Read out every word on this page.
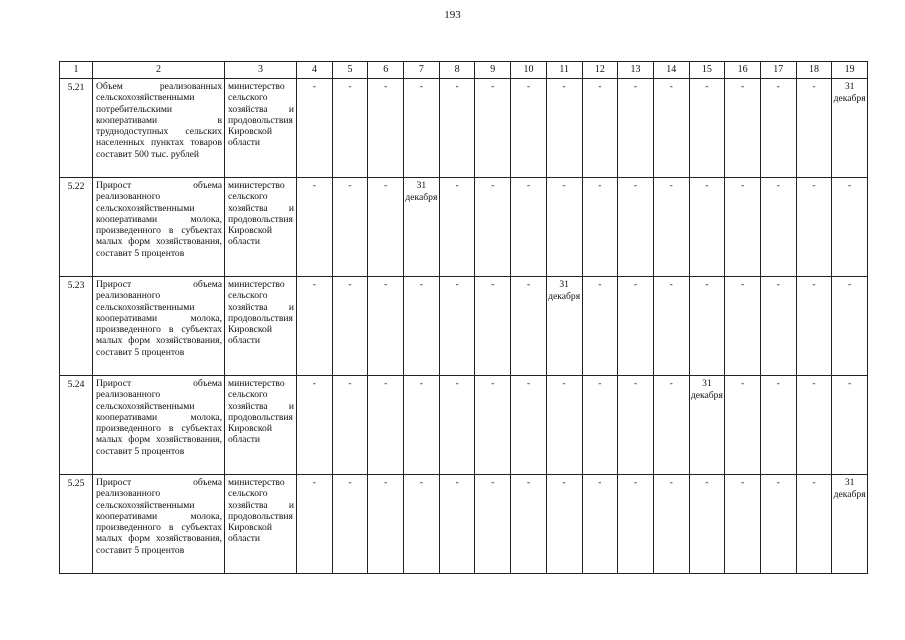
193
1	2	3	4	5	6	7	8	9	10	11	12	13	14	15	16	17	18	19
5.21	Объем реализованных сельскохозяйственными потребительскими кооперативами в труднодоступных сельских населенных пунктах товаров составит 500 тыс. рублей	министерство сельского хозяйства и продовольствия Кировской области	-	-	-	-	-	-	-	-	-	-	-	-	-	-	-	31 декабря
5.22	Прирост объема реализованного сельскохозяйственными кооперативами молока, произведенного в субъектах малых форм хозяйствования, составит 5 процентов	министерство сельского хозяйства и продовольствия Кировской области	-	-	-	31 декабря	-	-	-	-	-	-	-	-	-	-	-	-
5.23	Прирост объема реализованного сельскохозяйственными кооперативами молока, произведенного в субъектах малых форм хозяйствования, составит 5 процентов	министерство сельского хозяйства и продовольствия Кировской области	-	-	-	-	-	-	-	31 декабря	-	-	-	-	-	-	-	-
5.24	Прирост объема реализованного сельскохозяйственными кооперативами молока, произведенного в субъектах малых форм хозяйствования, составит 5 процентов	министерство сельского хозяйства и продовольствия Кировской области	-	-	-	-	-	-	-	-	-	-	-	31 декабря	-	-	-	-
5.25	Прирост объема реализованного сельскохозяйственными кооперативами молока, произведенного в субъектах малых форм хозяйствования, составит 5 процентов	министерство сельского хозяйства и продовольствия Кировской области	-	-	-	-	-	-	-	-	-	-	-	-	-	-	-	31 декабря
